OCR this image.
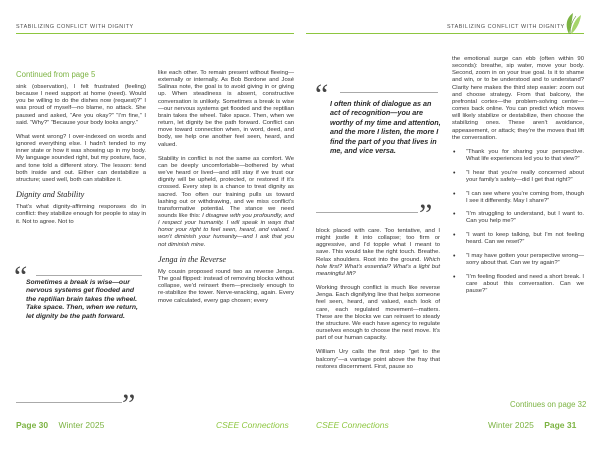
STABILIZING CONFLICT WITH DIGNITY	STABILIZING CONFLICT WITH DIGNITY
Continued from page 5

sink (observation), I felt frustrated (feeling) because I need support at home (need). Would you be willing to do the dishes now (request)?” I was proud of myself—no blame, no attack. She paused and asked, “Are you okay?” “I’m fine,” I said. “Why?” “Because your body looks angry.”

What went wrong? I over-indexed on words and ignored everything else. I hadn’t tended to my inner state or how it was showing up in my body. My language sounded right, but my posture, face, and tone told a different story. The lesson: tend both inside and out. Either can destabilize a structure; used well, both can stabilize it.

Dignity and Stability

That’s what dignity-affirming responses do in conflict: they stabilize enough for people to stay in it. Not to agree. Not to

“
Sometimes a break is wise—our nervous systems get flooded and the reptilian brain takes the wheel. Take space. Then, when we return, let dignity be the path forward.
”

like each other. To remain present without fleeing—externally or internally. As Bob Bordone and José Salinas note, the goal is to avoid giving in or giving up. When steadiness is absent, constructive conversation is unlikely. Sometimes a break is wise—our nervous systems get flooded and the reptilian brain takes the wheel. Take space. Then, when we return, let dignity be the path forward. Conflict can move toward connection when, in word, deed, and body, we help one another feel seen, heard, and valued.

Stability in conflict is not the same as comfort. We can be deeply uncomfortable—bothered by what we’ve heard or lived—and still stay if we trust our dignity will be upheld, protected, or restored if it’s crossed. Every step is a chance to treat dignity as sacred. Too often our training pulls us toward lashing out or withdrawing, and we miss conflict’s transformative potential. The stance we need sounds like this: I disagree with you profoundly, and I respect your humanity. I will speak in ways that honor your right to feel seen, heard, and valued. I won’t diminish your humanity—and I ask that you not diminish mine.

Jenga in the Reverse

My cousin proposed round two as reverse Jenga. The goal flipped: instead of removing blocks without collapse, we’d reinsert them—precisely enough to re-stabilize the tower. Nerve-wracking, again. Every move calculated, every gap chosen; every

“ I often think of dialogue as an act of recognition—you are worthy of my time and attention, and the more I listen, the more I find the part of you that lives in me, and vice versa.
”

block placed with care. Too tentative, and I might jostle it into collapse; too firm or aggressive, and I’d topple what I meant to save. This would take the right touch. Breathe. Relax shoulders. Root into the ground. Which hole first? What’s essential? What’s a light but meaningful lift?

Working through conflict is much like reverse Jenga. Each dignifying line that helps someone feel seen, heard, and valued, each look of care, each regulated movement—matters. These are the blocks we can reinsert to steady the structure. We each have agency to regulate ourselves enough to choose the next move. It’s part of our human capacity.

William Ury calls the first step “get to the balcony”—a vantage point above the fray that restores discernment. First, pause so

the emotional surge can ebb (often within 90 seconds): breathe, sip water, move your body. Second, zoom in on your true goal. Is it to shame and win, or to be understood and to understand? Clarity here makes the third step easier: zoom out and choose strategy. From that balcony, the prefrontal cortex—the problem-solving center—comes back online. You can predict which moves will likely stabilize or destabilize, then choose the stabilizing ones. These aren’t avoidance, appeasement, or attack; they’re the moves that lift the conversation.

• “Thank you for sharing your perspective. What life experiences led you to that view?”
• “I hear that you’re really concerned about your family’s safety—did I get that right?”
• “I can see where you’re coming from, though I see it differently. May I share?”
• “I’m struggling to understand, but I want to. Can you help me?”
• “I want to keep talking, but I’m not feeling heard. Can we reset?”
• “I may have gotten your perspective wrong—sorry about that. Can we try again?”
• “I’m feeling flooded and need a short break. I care about this conversation. Can we pause?”
Continues on page 32
Page 30 Winter 2025	CSEE Connections	CSEE Connections	Winter 2025 Page 31
